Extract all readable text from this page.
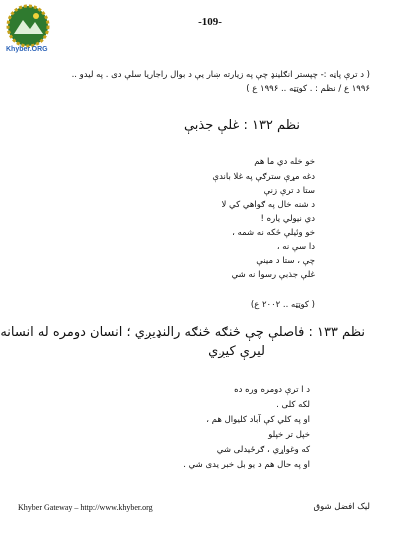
Khyber.ORG
-109-
( د ترې پاڼه :- چپستر انګلينډ چې په زيارته ښار يې د بوال راجاريا سلې دی . په ليدو ..
۱۹۹۶ ع / نظم : . کوټټه .. ۱۹۹۶ ع )
نظم ۱۳۲ : غلې جذبې
خو خله دي ما هم
دغه مړې سترګې په غلا باندې
ستا د ترې زنې
د شنه خال په ګواهي کي لا
دي نيولي ياره !
خو وئيلې څکه نه شمه ،
دا سې نه ،
چې ، ستا د مينې
غلې جذبې رسوا نه شي
( کوټټه .. ۲۰۰۲ ع)
نظم ۱۳۳ : فاصلې چې څنګه څنګه رالنډيږي ؛ انسان دومره له انسانه
ليرې کيږي
د ا ترې دومره وره ده
لکه کلی .
او په کلي کې آباد کليوال هم ،
خپل تر خپلو
که وغواړي ، ګرځيدلی شي
او په حال هم د يو بل خبر يدی شي .
Khyber Gateway – http://www.khyber.org	ليک افضل شوق
